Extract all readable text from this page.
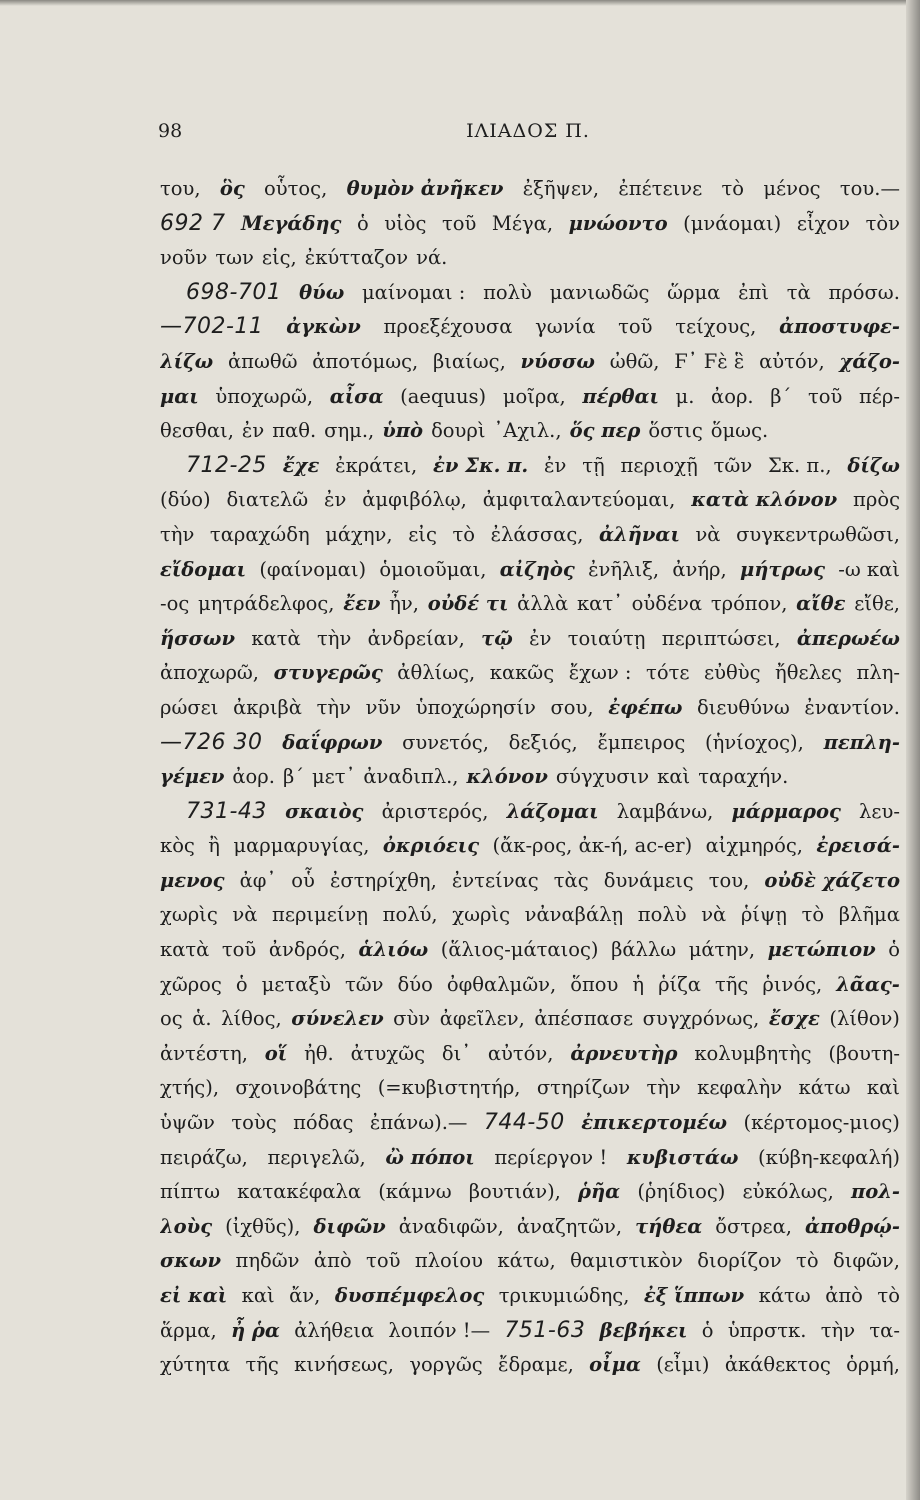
98	ΙΛΙΑΔΟΣ Π.
του, ὃς οὗτος, θυμὸν ἀνῆκεν ἐξῆψεν, ἐπέτεινε τὸ μένος του.—
692 7 Μεγάδης ὁ υἱὸς τοῦ Μέγα, μνώοντο (μνάομαι) εἶχον τὸν
νοῦν των εἰς, ἐκύτταζον νά.
698-701 θύω μαίνομαι : πολὺ μανιωδῶς ὥρμα ἐπὶ τὰ πρόσω.
—702-11 ἀγκὼν προεξέχουσα γωνία τοῦ τείχους, ἀποστυφε-
λίζω ἀπωθῶ ἀποτόμως, βιαίως, νύσσω ὠθῶ, Ϝ᾽ Ϝὲ ἓ αὐτόν, χάζο-
μαι ὑποχωρῶ, αἶσα (aequus) μοῖρα, πέρθαι μ. ἀορ. β΄ τοῦ πέρ-
θεσθαι, ἐν παθ. σημ., ὑπὸ δουρὶ ᾽Αχιλ., ὅς περ ὅστις ὅμως.
712-25 ἔχε ἐκράτει, ἐν Σκ. π. ἐν τῇ περιοχῇ τῶν Σκ. π., δίζω
(δύο) διατελῶ ἐν ἀμφιβόλῳ, ἀμφιταλαντεύομαι, κατὰ κλόνον πρὸς
τὴν ταραχώδη μάχην, εἰς τὸ ἐλάσσας, ἀλῆναι νὰ συγκεντρωθῶσι,
εἴδομαι (φαίνομαι) ὁμοιοῦμαι, αἰζηὸς ἐνῆλιξ, ἀνήρ, μήτρως -ω καὶ
-ος μητράδελφος, ἔεν ἦν, οὐδέ τι ἀλλὰ κατ᾽ οὐδένα τρόπον, αἴθε εἴθε,
ἥσσων κατὰ τὴν ἀνδρείαν, τῷ ἐν τοιαύτῃ περιπτώσει, ἀπερωέω
ἀποχωρῶ, στυγερῶς ἀθλίως, κακῶς ἔχων : τότε εὐθὺς ἤθελες πλη-
ρώσει ἀκριβὰ τὴν νῦν ὑποχώρησίν σου, ἐφέπω διευθύνω ἐναντίον.
—726 30 δαΐφρων συνετός, δεξιός, ἔμπειρος (ἡνίοχος), πεπλη-
γέμεν ἀορ. β΄ μετ᾽ ἀναδιπλ., κλόνον σύγχυσιν καὶ ταραχήν.
731-43 σκαιὸς ἀριστερός, λάζομαι λαμβάνω, μάρμαρος λευ-
κὸς ἢ μαρμαρυγίας, ὀκριόεις (ἄκ-ρος, ἀκ-ή, ac-er) αἰχμηρός, ἐρεισά-
μενος ἀφ᾽ οὗ ἐστηρίχθη, ἐντείνας τὰς δυνάμεις του, οὐδὲ χάζετο
χωρὶς νὰ περιμείνῃ πολύ, χωρὶς νἀναβάλῃ πολὺ νὰ ῥίψῃ τὸ βλῆμα
κατὰ τοῦ ἀνδρός, ἁλιόω (ἅλιος-μάταιος) βάλλω μάτην, μετώπιον ὁ
χῶρος ὁ μεταξὺ τῶν δύο ὀφθαλμῶν, ὅπου ἡ ῥίζα τῆς ῥινός, λᾶας-
ος ἁ. λίθος, σύνελεν σὺν ἀφεῖλεν, ἀπέσπασε συγχρόνως, ἔσχε (λίθον)
ἀντέστη, οἵ ἠθ. ἀτυχῶς δι᾽ αὐτόν, ἀρνευτὴρ κολυμβητὴς (βουτη-
χτής), σχοινοβάτης (=κυβιστητήρ, στηρίζων τὴν κεφαλὴν κάτω καὶ
ὑψῶν τοὺς πόδας ἐπάνω).— 744-50 ἐπικερτομέω (κέρτομος-μιος)
πειράζω, περιγελῶ, ὢ πόποι περίεργον ! κυβιστάω (κύβη-κεφαλή)
πίπτω κατακέφαλα (κάμνω βουτιάν), ῥῆα (ῥηίδιος) εὐκόλως, πολ-
λοὺς (ἰχθῦς), διφῶν ἀναδιφῶν, ἀναζητῶν, τήθεα ὄστρεα, ἀποθρῴ-
σκων πηδῶν ἀπὸ τοῦ πλοίου κάτω, θαμιστικὸν διορίζον τὸ διφῶν,
εἰ καὶ καὶ ἄν, δυσπέμφελος τρικυμιώδης, ἐξ ἵππων κάτω ἀπὸ τὸ
ἅρμα, ἦ ῥα ἀλήθεια λοιπόν !— 751-63 βεβήκει ὁ ὑπρστκ. τὴν τα-
χύτητα τῆς κινήσεως, γοργῶς ἔδραμε, οἶμα (εἶμι) ἀκάθεκτος ὁρμή,
